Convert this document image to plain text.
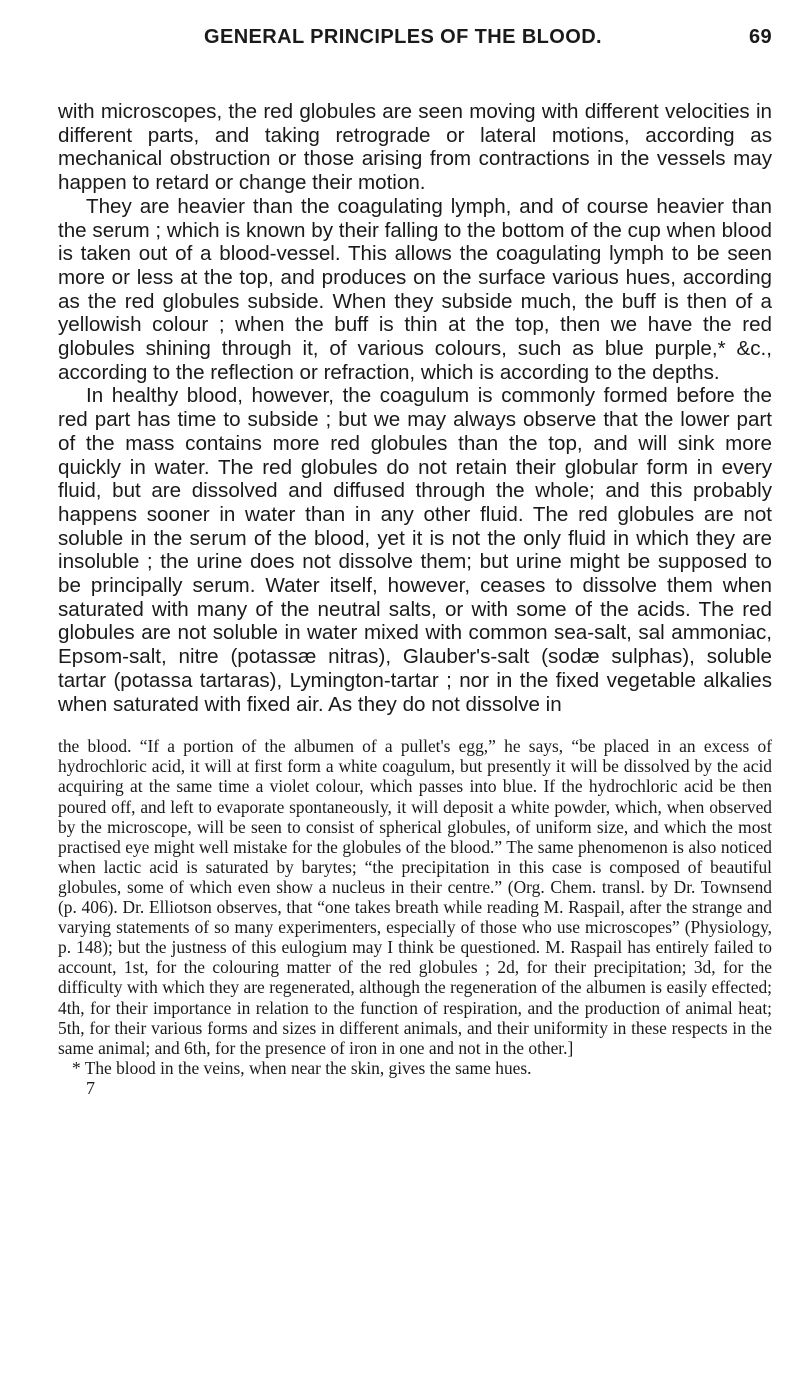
GENERAL PRINCIPLES OF THE BLOOD.	69

with microscopes, the red globules are seen moving with different velocities in different parts, and taking retrograde or lateral motions, according as mechanical obstruction or those arising from contractions in the vessels may happen to retard or change their motion.

They are heavier than the coagulating lymph, and of course heavier than the serum ; which is known by their falling to the bottom of the cup when blood is taken out of a blood-vessel. This allows the coagulating lymph to be seen more or less at the top, and produces on the surface various hues, according as the red globules subside. When they subside much, the buff is then of a yellowish colour ; when the buff is thin at the top, then we have the red globules shining through it, of various colours, such as blue purple,* &c., according to the reflection or refraction, which is according to the depths.

In healthy blood, however, the coagulum is commonly formed before the red part has time to subside ; but we may always observe that the lower part of the mass contains more red globules than the top, and will sink more quickly in water. The red globules do not retain their globular form in every fluid, but are dissolved and diffused through the whole; and this probably happens sooner in water than in any other fluid. The red globules are not soluble in the serum of the blood, yet it is not the only fluid in which they are insoluble ; the urine does not dissolve them; but urine might be supposed to be principally serum. Water itself, however, ceases to dissolve them when saturated with many of the neutral salts, or with some of the acids. The red globules are not soluble in water mixed with common sea-salt, sal ammoniac, Epsom-salt, nitre (potassæ nitras), Glauber's-salt (sodæ sulphas), soluble tartar (potassa tartaras), Lymington-tartar ; nor in the fixed vegetable alkalies when saturated with fixed air. As they do not dissolve in

the blood. “If a portion of the albumen of a pullet's egg,” he says, “be placed in an excess of hydrochloric acid, it will at first form a white coagulum, but presently it will be dissolved by the acid acquiring at the same time a violet colour, which passes into blue. If the hydrochloric acid be then poured off, and left to evaporate spontaneously, it will deposit a white powder, which, when observed by the microscope, will be seen to consist of spherical globules, of uniform size, and which the most practised eye might well mistake for the globules of the blood.” The same phenomenon is also noticed when lactic acid is saturated by barytes; “the precipitation in this case is composed of beautiful globules, some of which even show a nucleus in their centre.” (Org. Chem. transl. by Dr. Townsend (p. 406). Dr. Elliotson observes, that “one takes breath while reading M. Raspail, after the strange and varying statements of so many experimenters, especially of those who use microscopes” (Physiology, p. 148); but the justness of this eulogium may I think be questioned. M. Raspail has entirely failed to account, 1st, for the colouring matter of the red globules ; 2d, for their precipitation; 3d, for the difficulty with which they are regenerated, although the regeneration of the albumen is easily effected; 4th, for their importance in relation to the function of respiration, and the production of animal heat; 5th, for their various forms and sizes in different animals, and their uniformity in these respects in the same animal; and 6th, for the presence of iron in one and not in the other.]

* The blood in the veins, when near the skin, gives the same hues.

7
